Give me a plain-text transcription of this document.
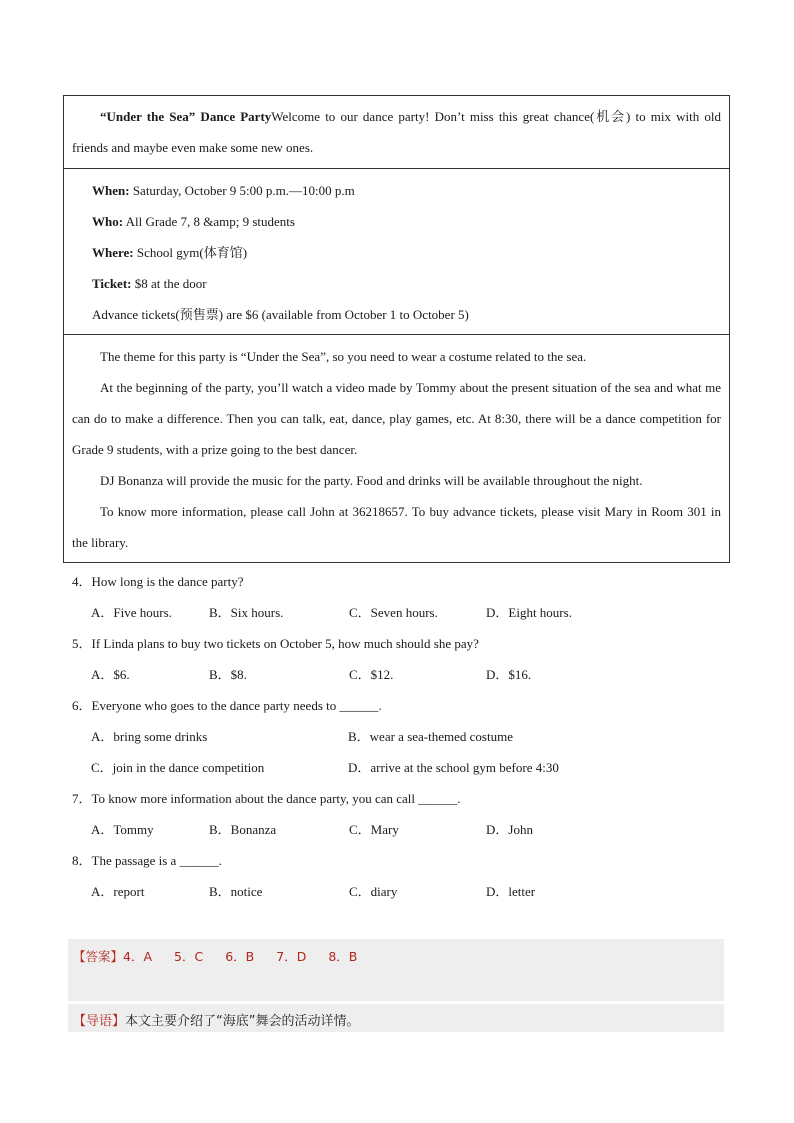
“Under the Sea” Dance PartyWelcome to our dance party! Don’t miss this great chance(机会) to mix with old friends and maybe even make some new ones.
When: Saturday, October 9 5:00 p.m.—10:00 p.m
Who: All Grade 7, 8 &amp; 9 students
Where: School gym(体育馆)
Ticket: $8 at the door
Advance tickets(预售票) are $6 (available from October 1 to October 5)
The theme for this party is “Under the Sea”, so you need to wear a costume related to the sea.
At the beginning of the party, you’ll watch a video made by Tommy about the present situation of the sea and what me can do to make a difference. Then you can talk, eat, dance, play games, etc. At 8:30, there will be a dance competition for Grade 9 students, with a prize going to the best dancer.
DJ Bonanza will provide the music for the party. Food and drinks will be available throughout the night.
To know more information, please call John at 36218657. To buy advance tickets, please visit Mary in Room 301 in the library.
4．How long is the dance party?
A．Five hours.	B．Six hours.	C．Seven hours.	D．Eight hours.
5．If Linda plans to buy two tickets on October 5, how much should she pay?
A．$6.	B．$8.	C．$12.	D．$16.
6．Everyone who goes to the dance party needs to ______.
A．bring some drinks	B．wear a sea-themed costume
C．join in the dance competition	D．arrive at the school gym before 4:30
7．To know more information about the dance party, you can call ______.
A．Tommy	B．Bonanza	C．Mary	D．John
8．The passage is a ______.
A．report	B．notice	C．diary	D．letter
【答案】4．A 5．C 6．B 7．D 8．B
【导语】本文主要介绍了“海底”舞会的活动详情。
